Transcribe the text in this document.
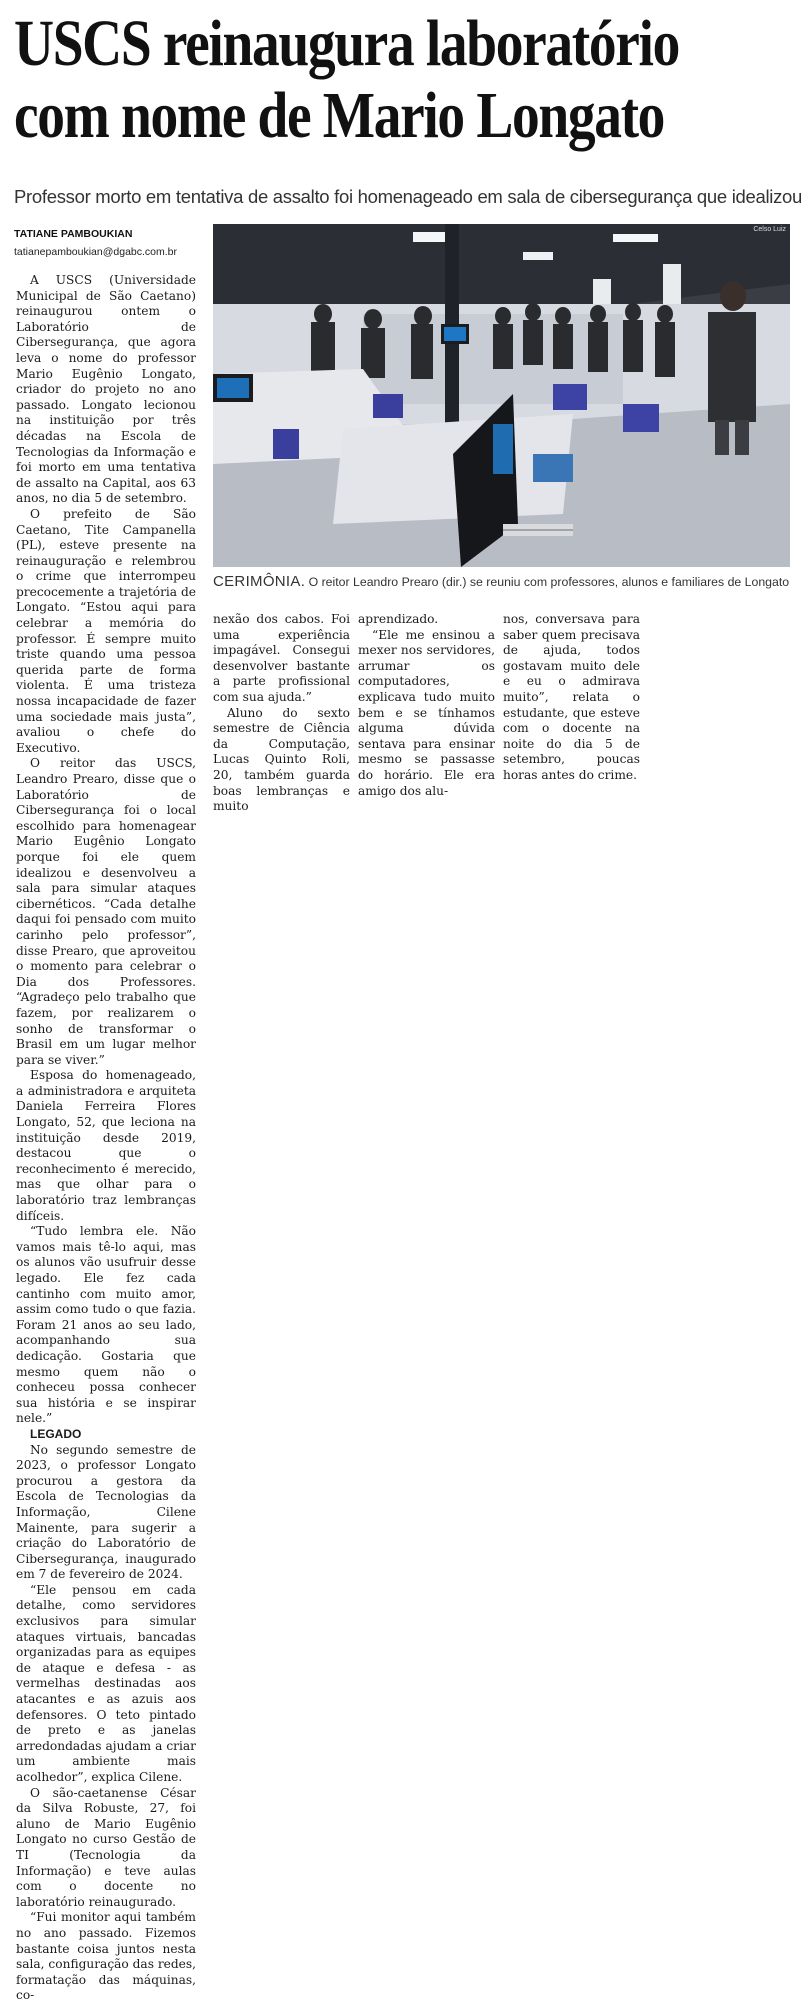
USCS reinaugura laboratório
com nome de Mario Longato
Professor morto em tentativa de assalto foi homenageado em sala de cibersegurança que idealizou
TATIANE PAMBOUKIAN
tatianepamboukian@dgabc.com.br
Celso Luiz
CERIMÔNIA. O reitor Leandro Prearo (dir.) se reuniu com professores, alunos e familiares de Longato

A USCS (Universidade Municipal de São Caetano) reinaugurou ontem o Laboratório de Cibersegurança, que agora leva o nome do professor Mario Eugênio Longato, criador do projeto no ano passado. Longato lecionou na instituição por três décadas na Escola de Tecnologias da Informação e foi morto em uma tentativa de assalto na Capital, aos 63 anos, no dia 5 de setembro.

O prefeito de São Caetano, Tite Campanella (PL), esteve presente na reinauguração e relembrou o crime que interrompeu precocemente a trajetória de Longato. “Estou aqui para celebrar a memória do professor. É sempre muito triste quando uma pessoa querida parte de forma violenta. É uma tristeza nossa incapacidade de fazer uma sociedade mais justa”, avaliou o chefe do Executivo.

O reitor das USCS, Leandro Prearo, disse que o Laboratório de Cibersegurança foi o local escolhido para homenagear Mario Eugênio Longato porque foi ele quem idealizou e desenvolveu a sala para simular ataques cibernéticos. “Cada detalhe daqui foi pensado com muito carinho pelo professor”, disse Prearo, que aproveitou o momento para celebrar o Dia dos Professores. “Agradeço pelo trabalho que fazem, por realizarem o sonho de transformar o Brasil em um lugar melhor para se viver.”

Esposa do homenageado, a administradora e arquiteta Daniela Ferreira Flores Longato, 52, que leciona na instituição desde 2019, destacou que o reconhecimento é merecido, mas que olhar para o laboratório traz lembranças difíceis.

“Tudo lembra ele. Não vamos mais tê-lo aqui, mas os alunos vão usufruir desse legado. Ele fez cada cantinho com muito amor, assim como tudo o que fazia. Foram 21 anos ao seu lado, acompanhando sua dedicação. Gostaria que mesmo quem não o conheceu possa conhecer sua história e se inspirar nele.”

LEGADO

No segundo semestre de 2023, o professor Longato procurou a gestora da Escola de Tecnologias da Informação, Cilene Mainente, para sugerir a criação do Laboratório de Cibersegurança, inaugurado em 7 de fevereiro de 2024.

“Ele pensou em cada detalhe, como servidores exclusivos para simular ataques virtuais, bancadas organizadas para as equipes de ataque e defesa - as vermelhas destinadas aos atacantes e as azuis aos defensores. O teto pintado de preto e as janelas arredondadas ajudam a criar um ambiente mais acolhedor”, explica Cilene.

O são-caetanense César da Silva Robuste, 27, foi aluno de Mario Eugênio Longato no curso Gestão de TI (Tecnologia da Informação) e teve aulas com o docente no laboratório reinaugurado.

“Fui monitor aqui também no ano passado. Fizemos bastante coisa juntos nesta sala, configuração das redes, formatação das máquinas, co-

nexão dos cabos. Foi uma experiência impagável. Consegui desenvolver bastante a parte profissional com sua ajuda.”

Aluno do sexto semestre de Ciência da Computação, Lucas Quinto Roli, 20, também guarda boas lembranças e muito

aprendizado.

“Ele me ensinou a mexer nos servidores, arrumar os computadores, explicava tudo muito bem e se tínhamos alguma dúvida sentava para ensinar mesmo se passasse do horário. Ele era amigo dos alu-

nos, conversava para saber quem precisava de ajuda, todos gostavam muito dele e eu o admirava muito”, relata o estudante, que esteve com o docente na noite do dia 5 de setembro, poucas horas antes do crime.
